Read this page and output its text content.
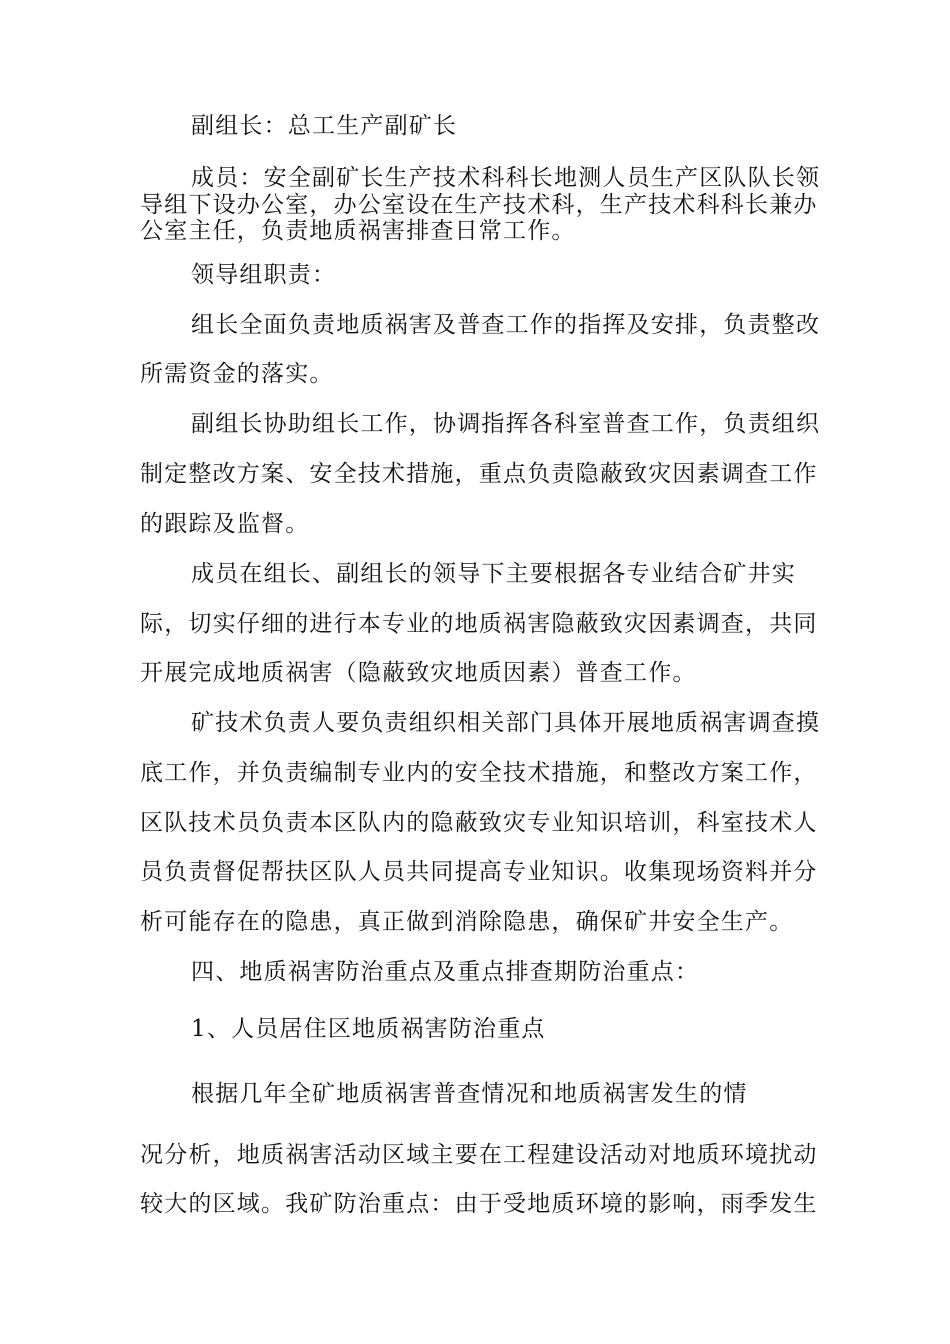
副组长：总工生产副矿长
成员：安全副矿长生产技术科科长地测人员生产区队队长领
导组下设办公室，办公室设在生产技术科，生产技术科科长兼办
公室主任，负责地质祸害排查日常工作。
领导组职责：
组长全面负责地质祸害及普查工作的指挥及安排，负责整改
所需资金的落实。
副组长协助组长工作，协调指挥各科室普查工作，负责组织
制定整改方案、安全技术措施，重点负责隐蔽致灾因素调查工作
的跟踪及监督。
成员在组长、副组长的领导下主要根据各专业结合矿井实
际，切实仔细的进行本专业的地质祸害隐蔽致灾因素调查，共同
开展完成地质祸害（隐蔽致灾地质因素）普查工作。
矿技术负责人要负责组织相关部门具体开展地质祸害调查摸
底工作，并负责编制专业内的安全技术措施，和整改方案工作，
区队技术员负责本区队内的隐蔽致灾专业知识培训，科室技术人
员负责督促帮扶区队人员共同提高专业知识。收集现场资料并分
析可能存在的隐患，真正做到消除隐患，确保矿井安全生产。
四、地质祸害防治重点及重点排查期防治重点：
1、人员居住区地质祸害防治重点
根据几年全矿地质祸害普查情况和地质祸害发生的情
况分析，地质祸害活动区域主要在工程建设活动对地质环境扰动
较大的区域。我矿防治重点：由于受地质环境的影响，雨季发生
